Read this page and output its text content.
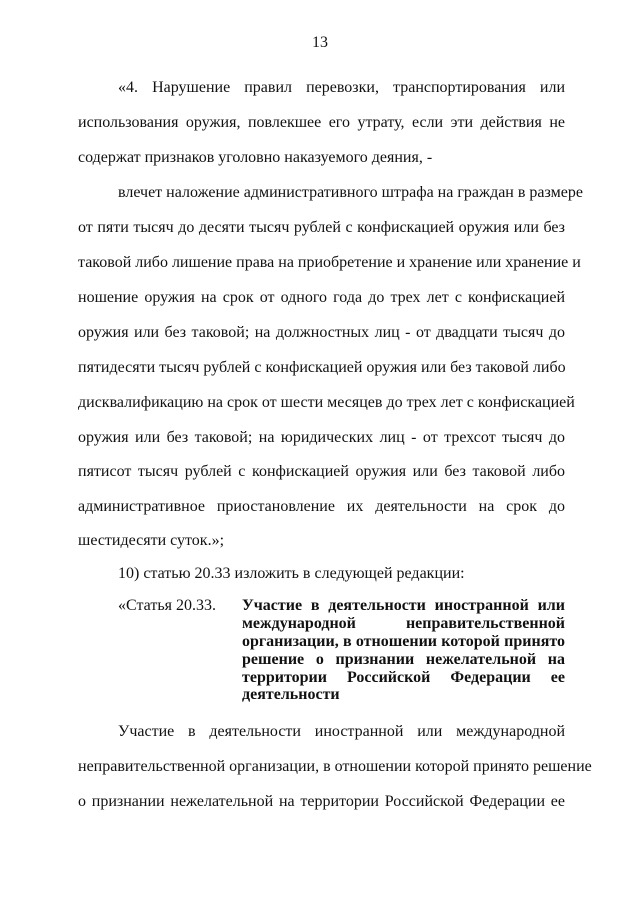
13
«4. Нарушение правил перевозки, транспортирования или
использования оружия, повлекшее его утрату, если эти действия не
содержат признаков уголовно наказуемого деяния, -
влечет наложение административного штрафа на граждан в размере
от пяти тысяч до десяти тысяч рублей с конфискацией оружия или без
таковой либо лишение права на приобретение и хранение или хранение и
ношение оружия на срок от одного года до трех лет с конфискацией
оружия или без таковой; на должностных лиц - от двадцати тысяч до
пятидесяти тысяч рублей с конфискацией оружия или без таковой либо
дисквалификацию на срок от шести месяцев до трех лет с конфискацией
оружия или без таковой; на юридических лиц - от трехсот тысяч до
пятисот тысяч рублей с конфискацией оружия или без таковой либо
административное приостановление их деятельности на срок до
шестидесяти суток.»;
10) статью 20.33 изложить в следующей редакции:
«Статья 20.33. Участие в деятельности иностранной или
международной неправительственной
организации, в отношении которой принято
решение о признании нежелательной на
территории Российской Федерации ее
деятельности
Участие в деятельности иностранной или международной
неправительственной организации, в отношении которой принято решение
о признании нежелательной на территории Российской Федерации ее
